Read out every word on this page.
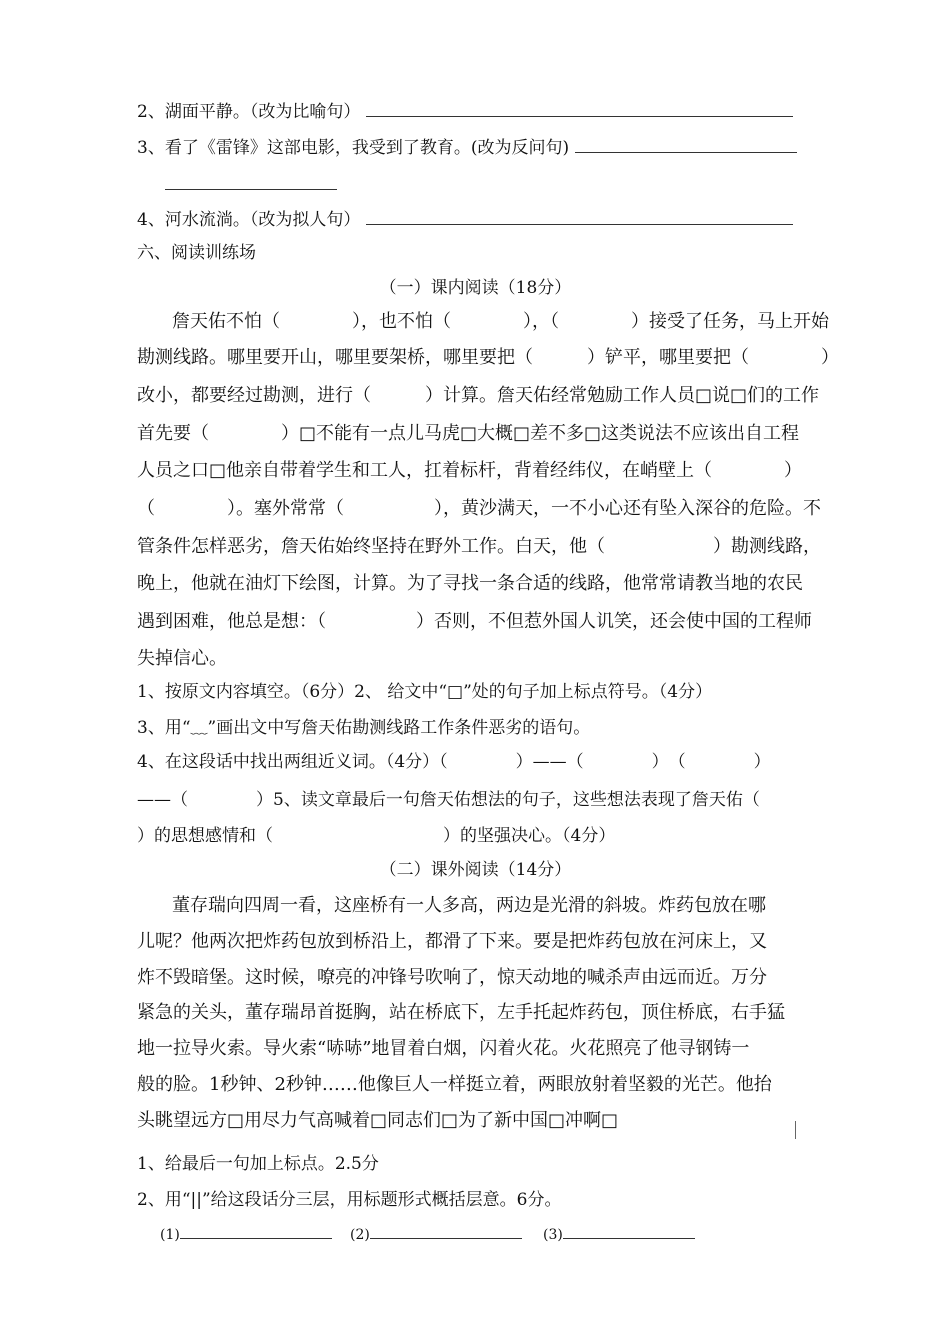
2、湖面平静。（改为比喻句）
3、看了《雷锋》这部电影，我受到了教育。(改为反问句)
4、河水流淌。（改为拟人句）
六、阅读训练场
（一）课内阅读（18分）
詹天佑不怕（　　　　），也不怕（　　　　），（　　　　）接受了任务，马上开始
勘测线路。哪里要开山，哪里要架桥，哪里要把（　　　）铲平，哪里要把（　　　　）
改小，都要经过勘测，进行（　　　）计算。詹天佑经常勉励工作人员□说□们的工作
首先要（　　　　）□不能有一点儿马虎□大概□差不多□这类说法不应该出自工程
人员之口□他亲自带着学生和工人，扛着标杆，背着经纬仪，在峭壁上（　　　　）
（　　　　）。塞外常常（　　　　　），黄沙满天，一不小心还有坠入深谷的危险。不
管条件怎样恶劣，詹天佑始终坚持在野外工作。白天，他（　　　　　　）勘测线路，
晚上，他就在油灯下绘图，计算。为了寻找一条合适的线路，他常常请教当地的农民
遇到困难，他总是想：（　　　　　）否则，不但惹外国人讥笑，还会使中国的工程师
失掉信心。
1、按原文内容填空。（6分）2、 给文中“□”处的句子加上标点符号。（4分）
3、用“﹏”画出文中写詹天佑勘测线路工作条件恶劣的语句。
4、在这段话中找出两组近义词。（4分）（　　　　）——（　　　　）　（　　　　）
——（　　　　）5、读文章最后一句詹天佑想法的句子，这些想法表现了詹天佑（
）的思想感情和（　　　　　　　　　　）的坚强决心。（4分）
（二）课外阅读（14分）
董存瑞向四周一看，这座桥有一人多高，两边是光滑的斜坡。炸药包放在哪
儿呢？他两次把炸药包放到桥沿上，都滑了下来。要是把炸药包放在河床上，又
炸不毁暗堡。这时候，嘹亮的冲锋号吹响了，惊天动地的喊杀声由远而近。万分
紧急的关头，董存瑞昂首挺胸，站在桥底下，左手托起炸药包，顶住桥底，右手猛
地一拉导火索。导火索“哧哧”地冒着白烟，闪着火花。火花照亮了他寻钢铸一
般的脸。1秒钟、2秒钟……他像巨人一样挺立着，两眼放射着坚毅的光芒。他抬
头眺望远方□用尽力气高喊着□同志们□为了新中国□冲啊□
1、给最后一句加上标点。2.5分
2、用“||”给这段话分三层，用标题形式概括层意。6分。
(1)	(2)	(3)
